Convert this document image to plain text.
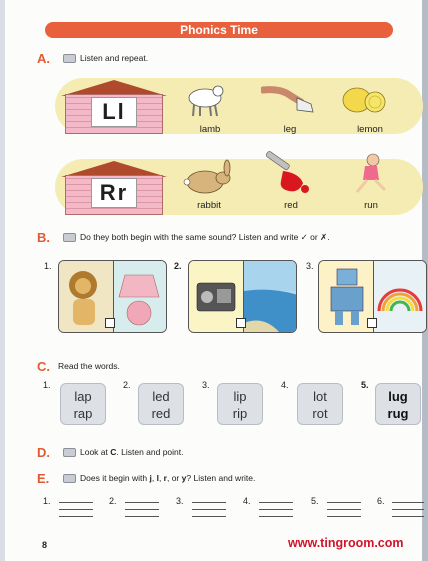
Phonics Time
A.	Listen and repeat.
Ll
lamb	leg	lemon
Rr
rabbit	red	run
B.	Do they both begin with the same sound? Listen and write ✓ or ✗.
1.	2.	3.
C. Read the words.
1.
lap
rap
2.
led
red
3.
lip
rip
4.
lot
rot
5.
lug
rug
D.	Look at C. Listen and point.
E.	Does it begin with j, l, r, or y? Listen and write.
1.	2.	3.	4.	5.	6.
8	www.tingroom.com
